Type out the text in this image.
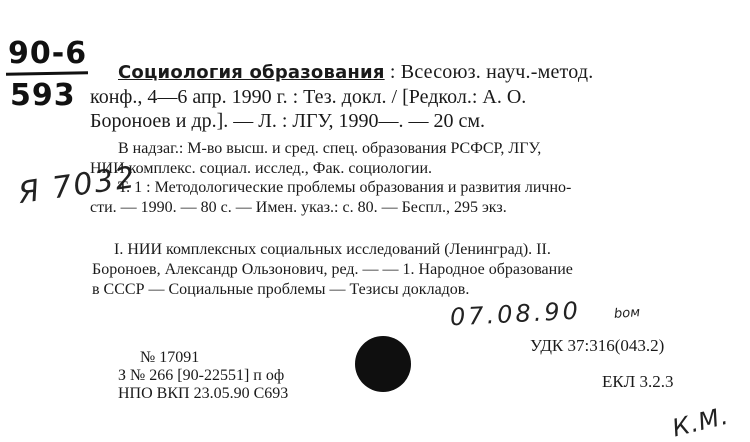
90-6
593
Я 7032
Социология образования : Всесоюз. науч.-метод.
конф., 4—6 апр. 1990 г. : Тез. докл. / [Редкол.: А. О.
Бороноев и др.]. — Л. : ЛГУ, 1990—. — 20 см.
В надзаг.: М-во высш. и сред. спец. образования РСФСР, ЛГУ,
НИИ комплекс. социал. исслед., Фак. социологии.
Т. 1 : Методологические проблемы образования и развития лично-
сти. — 1990. — 80 с. — Имен. указ.: с. 80. — Беспл., 295 экз.
I. НИИ комплексных социальных исследований (Ленинград). II.
Бороноев, Александр Ользонович, ред. — — 1. Народное образование
в СССР — Социальные проблемы — Тезисы докладов.
07.08.90 bом
УДК 37:316(043.2)
ЕКЛ 3.2.3
№ 17091
З № 266 [90-22551] п оф
НПО ВКП 23.05.90 С693
К.М.
